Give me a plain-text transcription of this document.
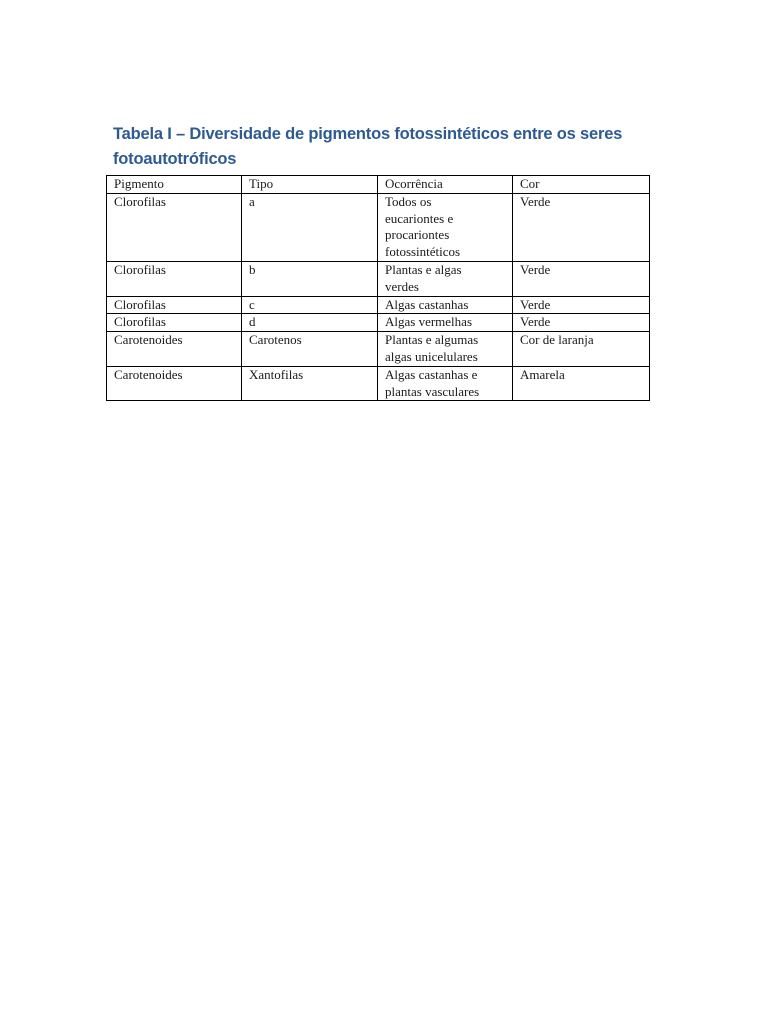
Tabela I – Diversidade de pigmentos fotossintéticos entre os seres fotoautotróficos

Pigmento	Tipo	Ocorrência	Cor
Clorofilas	a	Todos os eucariontes e procariontes fotossintéticos	Verde
Clorofilas	b	Plantas e algas verdes	Verde
Clorofilas	c	Algas castanhas	Verde
Clorofilas	d	Algas vermelhas	Verde
Carotenoides	Carotenos	Plantas e algumas algas unicelulares	Cor de laranja
Carotenoides	Xantofilas	Algas castanhas e plantas vasculares	Amarela
